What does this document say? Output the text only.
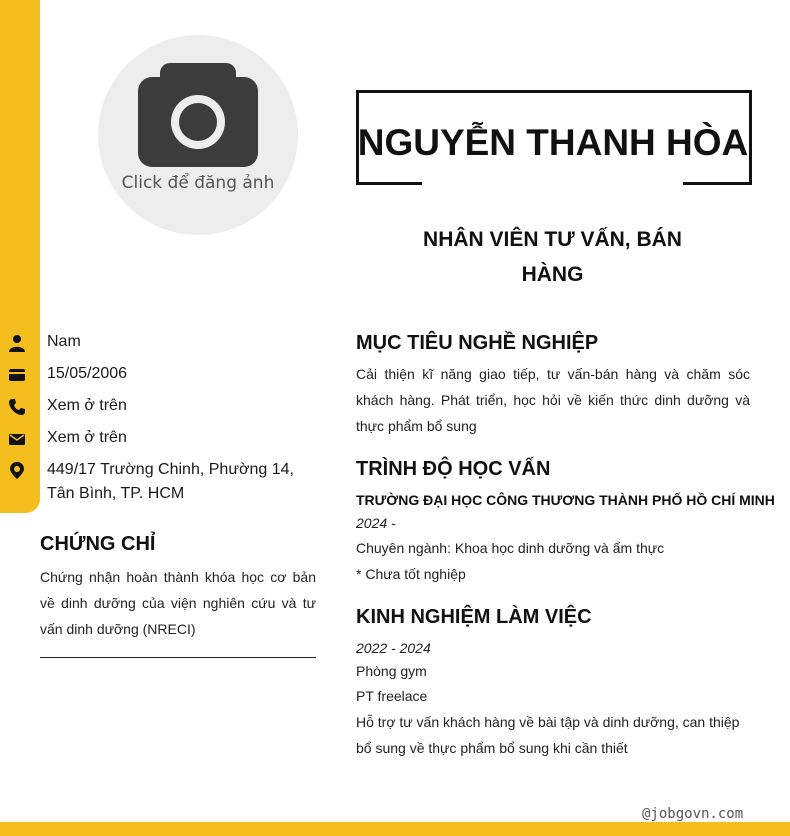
Click để đăng ảnh
NGUYỄN THANH HÒA
NHÂN VIÊN TƯ VẤN, BÁN HÀNG
Nam
15/05/2006
Xem ở trên
Xem ở trên
449/17 Trường Chinh, Phường 14, Tân Bình, TP. HCM
CHỨNG CHỈ
Chứng nhận hoàn thành khóa học cơ bản về dinh dưỡng của viện nghiên cứu và tư vấn dinh dưỡng (NRECI)
MỤC TIÊU NGHỀ NGHIỆP
Cải thiện kĩ năng giao tiếp, tư vấn-bán hàng và chăm sóc khách hàng. Phát triển, học hỏi về kiến thức dinh dưỡng và thực phẩm bổ sung
TRÌNH ĐỘ HỌC VẤN
TRƯỜNG ĐẠI HỌC CÔNG THƯƠNG THÀNH PHỐ HỒ CHÍ MINH
2024 -
Chuyên ngành: Khoa học dinh dưỡng và ẩm thực
* Chưa tốt nghiệp
KINH NGHIỆM LÀM VIỆC
2022 - 2024
Phòng gym
PT freelace
Hỗ trợ tư vấn khách hàng về bài tập và dinh dưỡng, can thiệp bổ sung về thực phẩm bổ sung khi cần thiết
@jobgovn.com
